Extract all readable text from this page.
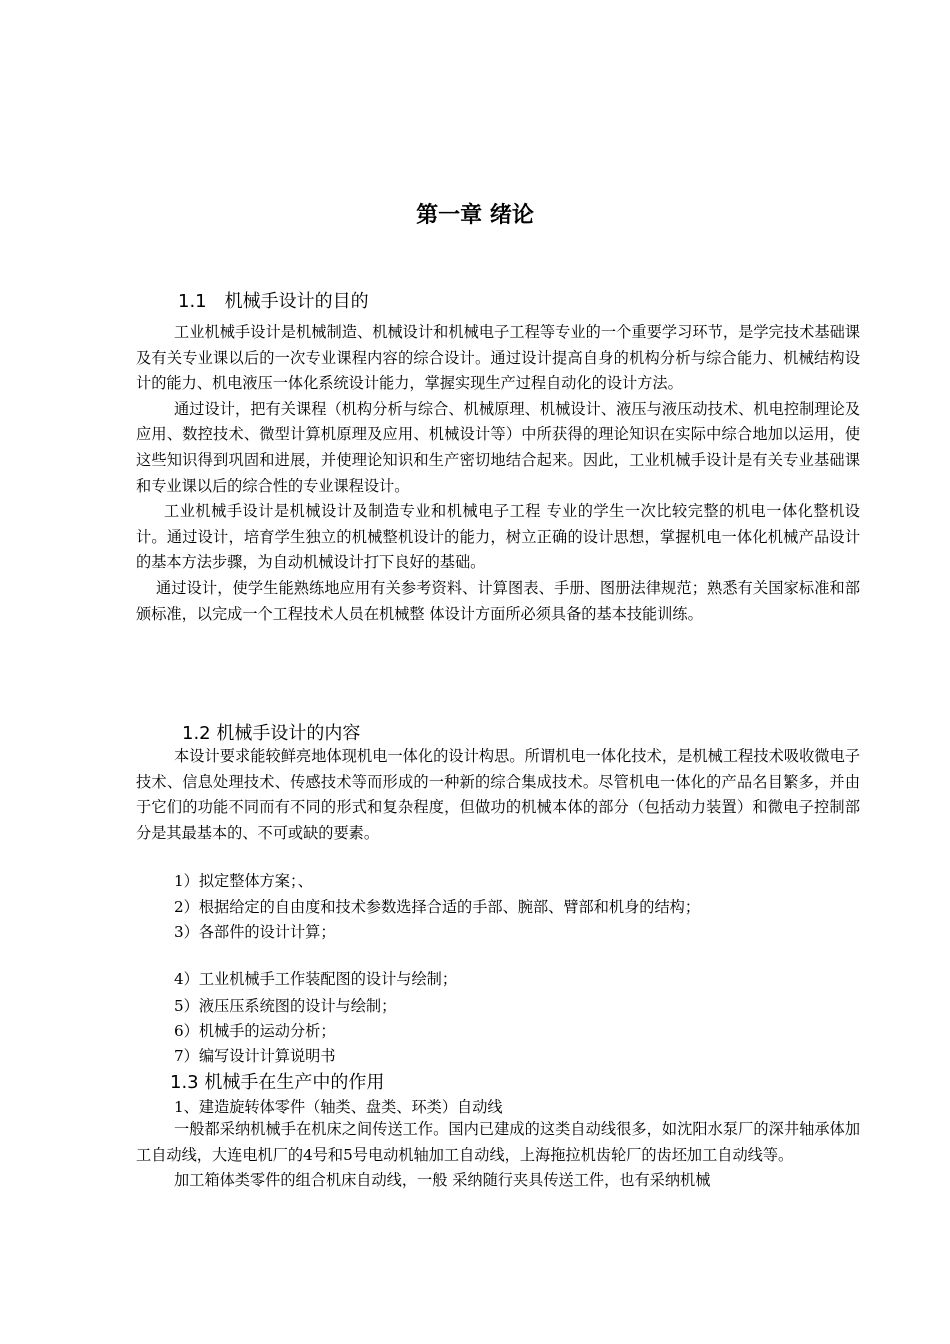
第一章 绪论
1.1　机械手设计的目的

工业机械手设计是机械制造、机械设计和机械电子工程等专业的一个重要学习环节，是学完技术基础课及有关专业课以后的一次专业课程内容的综合设计。通过设计提高自身的机构分析与综合能力、机械结构设计的能力、机电液压一体化系统设计能力，掌握实现生产过程自动化的设计方法。

通过设计，把有关课程（机构分析与综合、机械原理、机械设计、液压与液压动技术、机电控制理论及应用、数控技术、微型计算机原理及应用、机械设计等）中所获得的理论知识在实际中综合地加以运用，使这些知识得到巩固和进展，并使理论知识和生产密切地结合起来。因此，工业机械手设计是有关专业基础课和专业课以后的综合性的专业课程设计。

工业机械手设计是机械设计及制造专业和机械电子工程 专业的学生一次比较完整的机电一体化整机设计。通过设计，培育学生独立的机械整机设计的能力，树立正确的设计思想，掌握机电一体化机械产品设计的基本方法步骤，为自动机械设计打下良好的基础。

通过设计，使学生能熟练地应用有关参考资料、计算图表、手册、图册法律规范；熟悉有关国家标准和部颁标准，以完成一个工程技术人员在机械整 体设计方面所必须具备的基本技能训练。

1.2 机械手设计的内容

本设计要求能较鲜亮地体现机电一体化的设计构思。所谓机电一体化技术，是机械工程技术吸收微电子技术、信息处理技术、传感技术等而形成的一种新的综合集成技术。尽管机电一体化的产品名目繁多，并由于它们的功能不同而有不同的形式和复杂程度，但做功的机械本体的部分（包括动力装置）和微电子控制部分是其最基本的、不可或缺的要素。

1）拟定整体方案；、
2）根据给定的自由度和技术参数选择合适的手部、腕部、臂部和机身的结构；
3）各部件的设计计算；
4）工业机械手工作装配图的设计与绘制；
5）液压压系统图的设计与绘制；
6）机械手的运动分析；
7）编写设计计算说明书
1.3 机械手在生产中的作用
1、建造旋转体零件（轴类、盘类、环类）自动线

一般都采纳机械手在机床之间传送工作。国内已建成的这类自动线很多，如沈阳水泵厂的深井轴承体加工自动线，大连电机厂的4号和5号电动机轴加工自动线，上海拖拉机齿轮厂的齿坯加工自动线等。

加工箱体类零件的组合机床自动线，一般 采纳随行夹具传送工件，也有采纳机械
